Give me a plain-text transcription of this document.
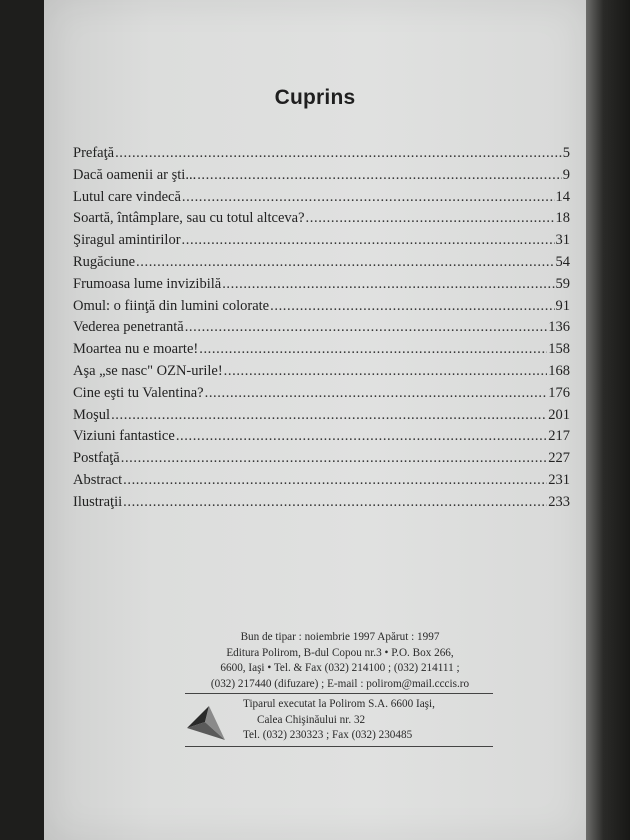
Cuprins
Prefaţă .....	5
Dacă oamenii ar şti... .....	9
Lutul care vindecă .....	14
Soartă, întâmplare, sau cu totul altceva? .....	18
Şiragul amintirilor .....	31
Rugăciune .....	54
Frumoasa lume invizibilă .....	59
Omul: o fiinţă din lumini colorate .....	91
Vederea penetrantă .....	136
Moartea nu e moarte! .....	158
Aşa „se nasc" OZN-urile! .....	168
Cine eşti tu Valentina? .....	176
Moşul .....	201
Viziuni fantastice .....	217
Postfaţă .....	227
Abstract .....	231
Ilustraţii .....	233
Bun de tipar : noiembrie 1997 Apărut : 1997
Editura Polirom, B-dul Copou nr.3 • P.O. Box 266,
6600, Iaşi • Tel. & Fax (032) 214100 ; (032) 214111 ;
(032) 217440 (difuzare) ; E-mail : polirom@mail.cccis.ro
Tiparul executat la Polirom S.A. 6600 Iaşi,
Calea Chişinăului nr. 32
Tel. (032) 230323 ; Fax (032) 230485
